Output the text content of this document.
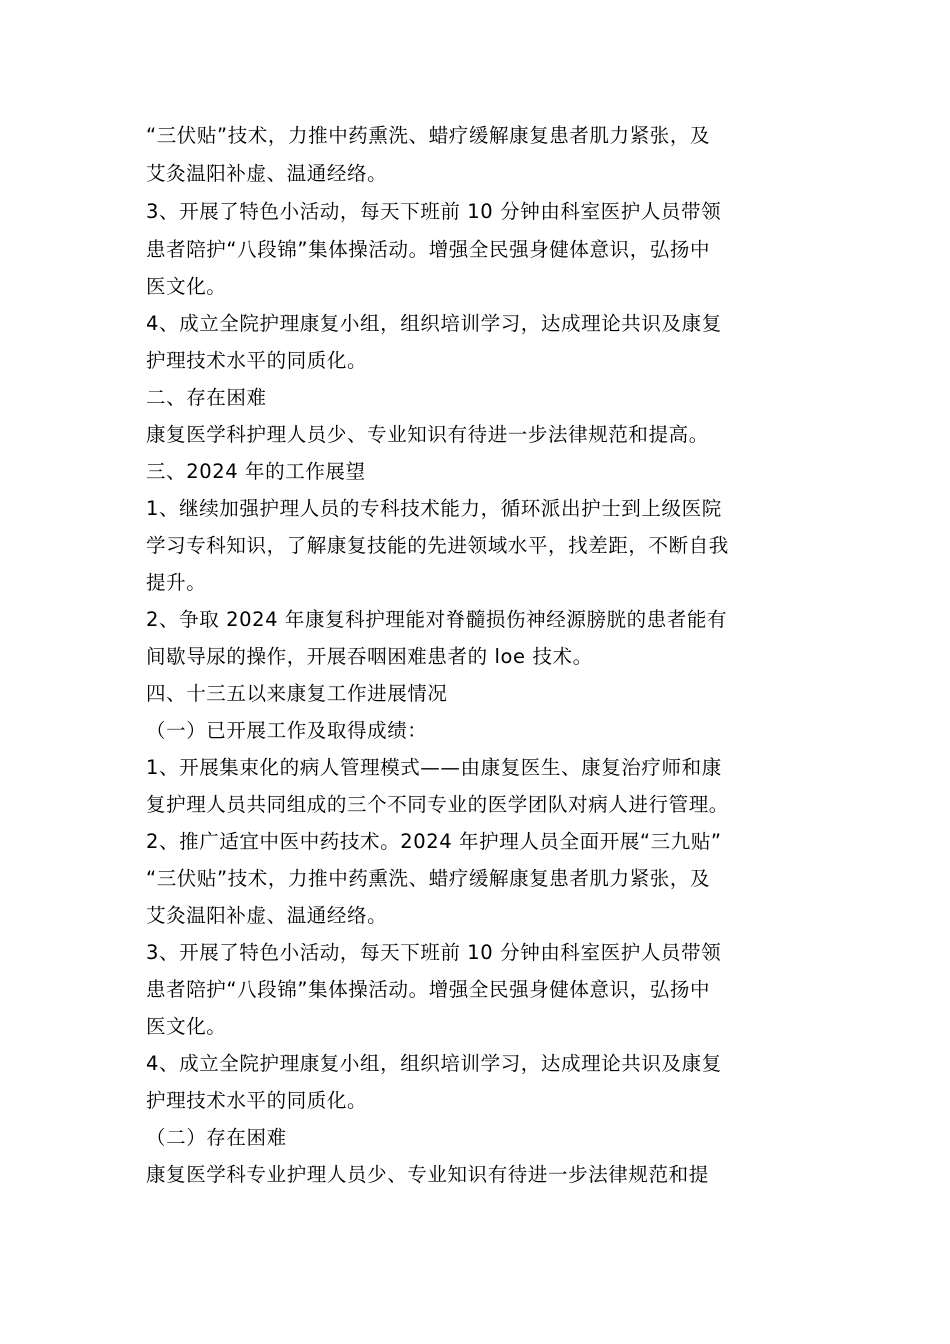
“三伏贴”技术，力推中药熏洗、蜡疗缓解康复患者肌力紧张，及
艾灸温阳补虚、温通经络。
3、开展了特色小活动，每天下班前 10 分钟由科室医护人员带领
患者陪护“八段锦”集体操活动。增强全民强身健体意识，弘扬中
医文化。
4、成立全院护理康复小组，组织培训学习，达成理论共识及康复
护理技术水平的同质化。
二、存在困难
康复医学科护理人员少、专业知识有待进一步法律规范和提高。
三、2024 年的工作展望
1、继续加强护理人员的专科技术能力，循环派出护士到上级医院
学习专科知识，了解康复技能的先进领域水平，找差距，不断自我
提升。
2、争取 2024 年康复科护理能对脊髓损伤神经源膀胱的患者能有
间歇导尿的操作，开展吞咽困难患者的 loe 技术。
四、十三五以来康复工作进展情况
（一）已开展工作及取得成绩：
1、开展集束化的病人管理模式——由康复医生、康复治疗师和康
复护理人员共同组成的三个不同专业的医学团队对病人进行管理。
2、推广适宜中医中药技术。2024 年护理人员全面开展“三九贴”
“三伏贴”技术，力推中药熏洗、蜡疗缓解康复患者肌力紧张，及
艾灸温阳补虚、温通经络。
3、开展了特色小活动，每天下班前 10 分钟由科室医护人员带领
患者陪护“八段锦”集体操活动。增强全民强身健体意识，弘扬中
医文化。
4、成立全院护理康复小组，组织培训学习，达成理论共识及康复
护理技术水平的同质化。
（二）存在困难
康复医学科专业护理人员少、专业知识有待进一步法律规范和提
